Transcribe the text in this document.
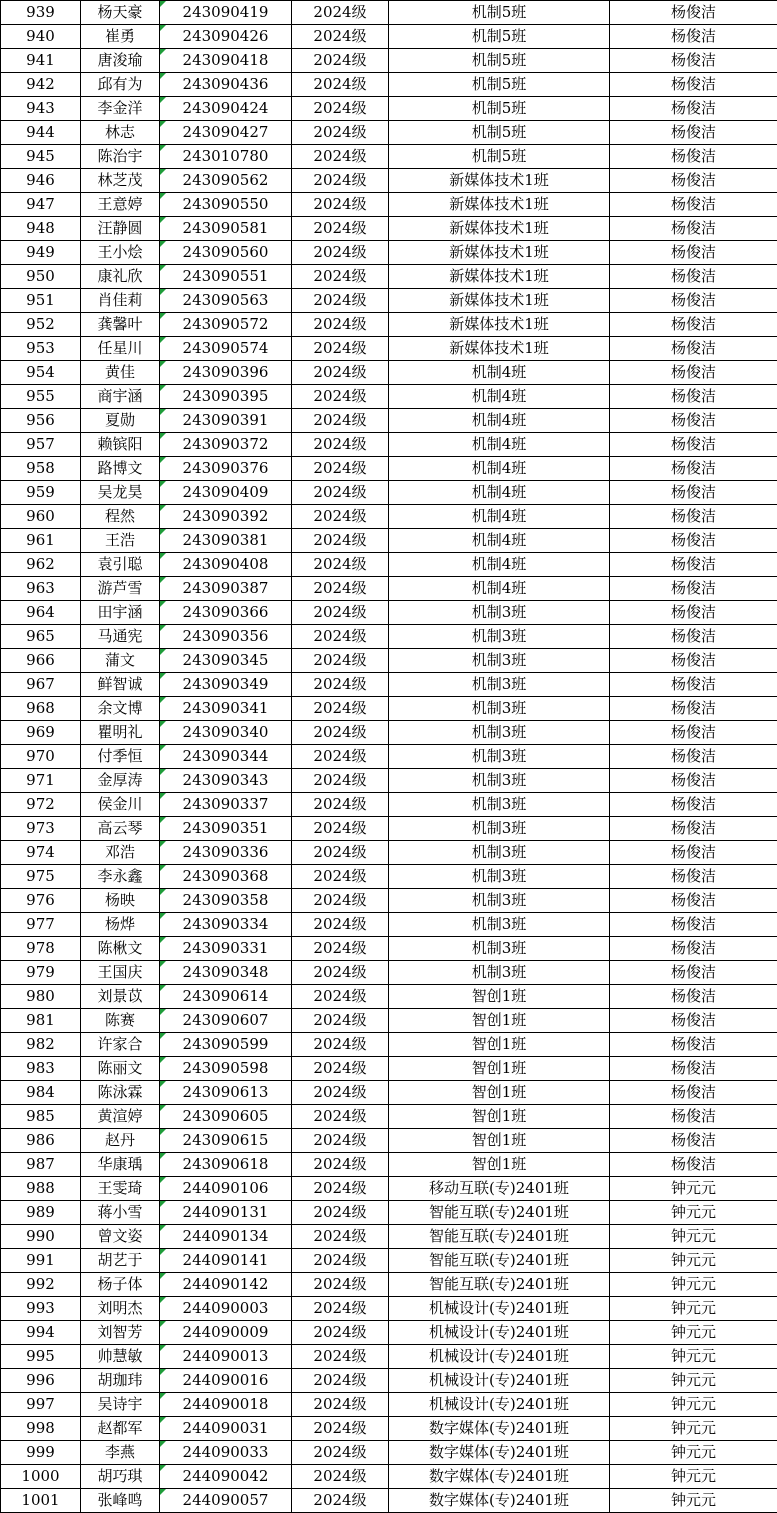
939	杨天豪	243090419	2024级	机制5班	杨俊洁
940	崔勇	243090426	2024级	机制5班	杨俊洁
941	唐浚瑜	243090418	2024级	机制5班	杨俊洁
942	邱有为	243090436	2024级	机制5班	杨俊洁
943	李金洋	243090424	2024级	机制5班	杨俊洁
944	林志	243090427	2024级	机制5班	杨俊洁
945	陈治宇	243010780	2024级	机制5班	杨俊洁
946	林芝茂	243090562	2024级	新媒体技术1班	杨俊洁
947	王意婷	243090550	2024级	新媒体技术1班	杨俊洁
948	汪静圆	243090581	2024级	新媒体技术1班	杨俊洁
949	王小烩	243090560	2024级	新媒体技术1班	杨俊洁
950	康礼欣	243090551	2024级	新媒体技术1班	杨俊洁
951	肖佳莉	243090563	2024级	新媒体技术1班	杨俊洁
952	龚馨叶	243090572	2024级	新媒体技术1班	杨俊洁
953	任星川	243090574	2024级	新媒体技术1班	杨俊洁
954	黄佳	243090396	2024级	机制4班	杨俊洁
955	商宇涵	243090395	2024级	机制4班	杨俊洁
956	夏勋	243090391	2024级	机制4班	杨俊洁
957	赖镔阳	243090372	2024级	机制4班	杨俊洁
958	路博文	243090376	2024级	机制4班	杨俊洁
959	吴龙昊	243090409	2024级	机制4班	杨俊洁
960	程然	243090392	2024级	机制4班	杨俊洁
961	王浩	243090381	2024级	机制4班	杨俊洁
962	袁引聪	243090408	2024级	机制4班	杨俊洁
963	游芦雪	243090387	2024级	机制4班	杨俊洁
964	田宇涵	243090366	2024级	机制3班	杨俊洁
965	马通宪	243090356	2024级	机制3班	杨俊洁
966	蒲文	243090345	2024级	机制3班	杨俊洁
967	鲜智诚	243090349	2024级	机制3班	杨俊洁
968	余文博	243090341	2024级	机制3班	杨俊洁
969	瞿明礼	243090340	2024级	机制3班	杨俊洁
970	付季恒	243090344	2024级	机制3班	杨俊洁
971	金厚涛	243090343	2024级	机制3班	杨俊洁
972	侯金川	243090337	2024级	机制3班	杨俊洁
973	高云琴	243090351	2024级	机制3班	杨俊洁
974	邓浩	243090336	2024级	机制3班	杨俊洁
975	李永鑫	243090368	2024级	机制3班	杨俊洁
976	杨映	243090358	2024级	机制3班	杨俊洁
977	杨烨	243090334	2024级	机制3班	杨俊洁
978	陈楸文	243090331	2024级	机制3班	杨俊洁
979	王国庆	243090348	2024级	机制3班	杨俊洁
980	刘景苡	243090614	2024级	智创1班	杨俊洁
981	陈赛	243090607	2024级	智创1班	杨俊洁
982	许家合	243090599	2024级	智创1班	杨俊洁
983	陈丽文	243090598	2024级	智创1班	杨俊洁
984	陈泳霖	243090613	2024级	智创1班	杨俊洁
985	黄渲婷	243090605	2024级	智创1班	杨俊洁
986	赵丹	243090615	2024级	智创1班	杨俊洁
987	华康瑀	243090618	2024级	智创1班	杨俊洁
988	王雯琦	244090106	2024级	移动互联(专)2401班	钟元元
989	蒋小雪	244090131	2024级	智能互联(专)2401班	钟元元
990	曾文姿	244090134	2024级	智能互联(专)2401班	钟元元
991	胡艺于	244090141	2024级	智能互联(专)2401班	钟元元
992	杨子体	244090142	2024级	智能互联(专)2401班	钟元元
993	刘明杰	244090003	2024级	机械设计(专)2401班	钟元元
994	刘智芳	244090009	2024级	机械设计(专)2401班	钟元元
995	帅慧敏	244090013	2024级	机械设计(专)2401班	钟元元
996	胡珈玮	244090016	2024级	机械设计(专)2401班	钟元元
997	吴诗宇	244090018	2024级	机械设计(专)2401班	钟元元
998	赵都军	244090031	2024级	数字媒体(专)2401班	钟元元
999	李燕	244090033	2024级	数字媒体(专)2401班	钟元元
1000	胡巧琪	244090042	2024级	数字媒体(专)2401班	钟元元
1001	张峰鸣	244090057	2024级	数字媒体(专)2401班	钟元元
